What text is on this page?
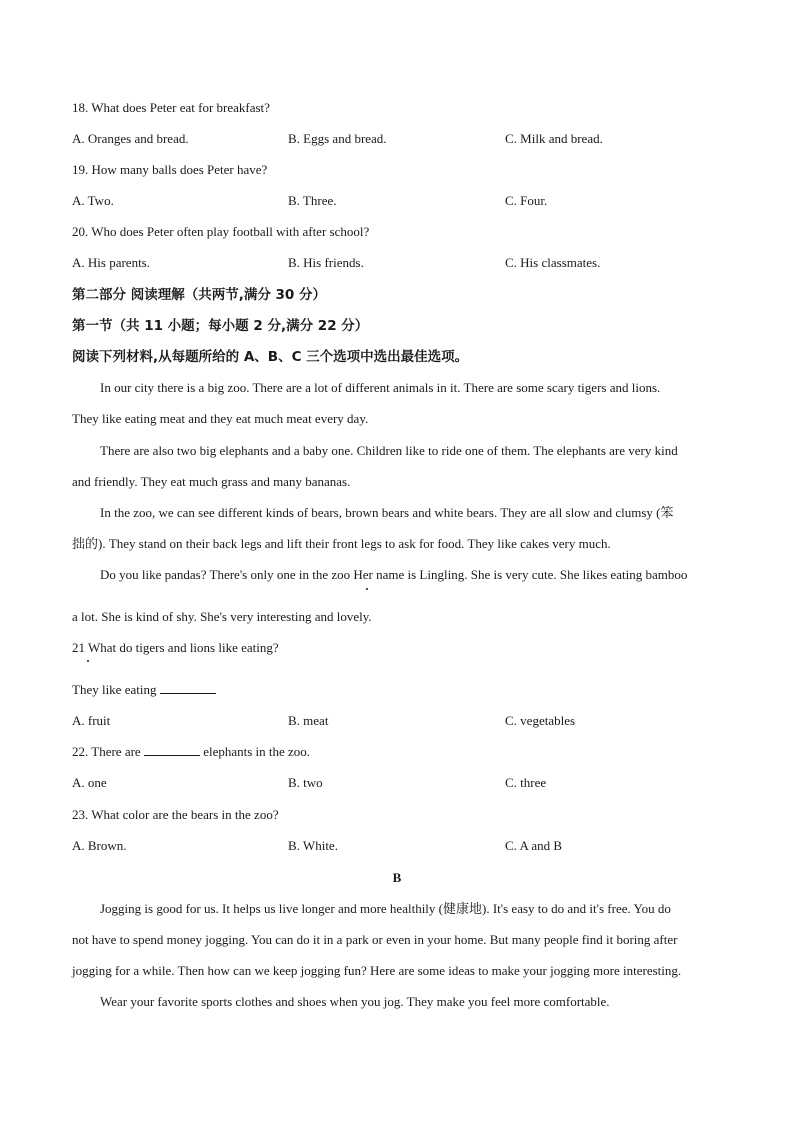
18. What does Peter eat for breakfast?
A. Oranges and bread.	B. Eggs and bread.	C. Milk and bread.
19. How many balls does Peter have?
A. Two.	B. Three.	C. Four.
20. Who does Peter often play football with after school?
A. His parents.	B. His friends.	C. His classmates.
第二部分 阅读理解（共两节,满分 30 分）
第一节（共 11 小题；每小题 2 分,满分 22 分）
阅读下列材料,从每题所给的 A、B、C 三个选项中选出最佳选项。
In our city there is a big zoo. There are a lot of different animals in it. There are some scary tigers and lions.
They like eating meat and they eat much meat every day.
There are also two big elephants and a baby one. Children like to ride one of them. The elephants are very kind
and friendly. They eat much grass and many bananas.
In the zoo, we can see different kinds of bears, brown bears and white bears. They are all slow and clumsy (笨
拙的). They stand on their back legs and lift their front legs to ask for food. They like cakes very much.
Do you like pandas? There's only one in the zoo Her name is Lingling. She is very cute. She likes eating bamboo
a lot. She is kind of shy. She's very interesting and lovely.
21 What do tigers and lions like eating?
They like eating
A. fruit	B. meat	C. vegetables
22. There are	elephants in the zoo.
A. one	B. two	C. three
23. What color are the bears in the zoo?
A. Brown.	B. White.	C. A and B
B
Jogging is good for us. It helps us live longer and more healthily (健康地). It's easy to do and it's free. You do
not have to spend money jogging. You can do it in a park or even in your home. But many people find it boring after
jogging for a while. Then how can we keep jogging fun? Here are some ideas to make your jogging more interesting.
Wear your favorite sports clothes and shoes when you jog. They make you feel more comfortable.
